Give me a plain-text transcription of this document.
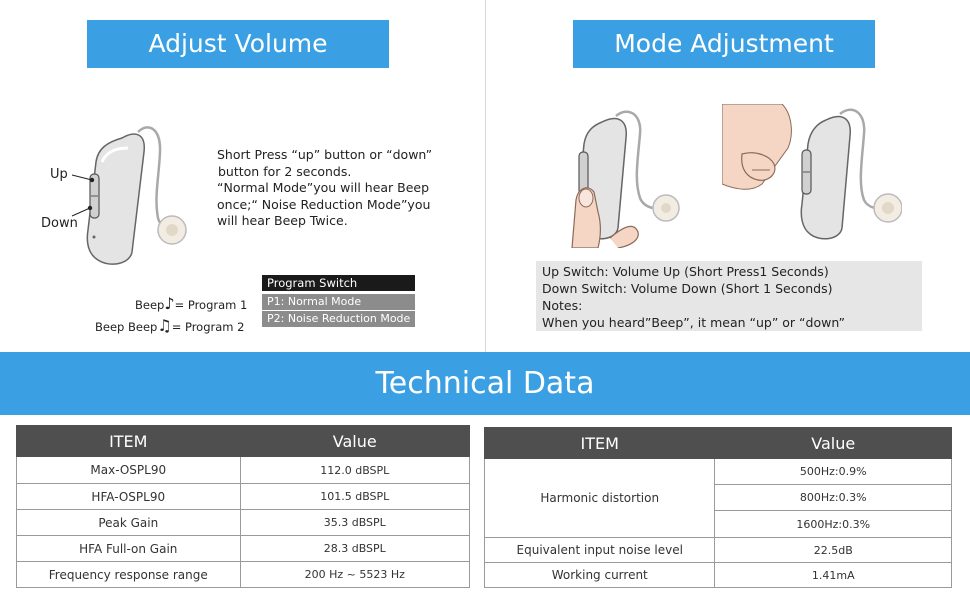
Adjust Volume
Up
Down
Short Press “up” button or “down”
button for 2 seconds.
“Normal Mode”you will hear Beep
once;“ Noise Reduction Mode”you
will hear Beep Twice.
Beep♪= Program 1
Beep Beep♫= Program 2
Program Switch
P1: Normal Mode
P2: Noise Reduction Mode
Mode Adjustment
Up Switch: Volume Up (Short Press1 Seconds)
Down Switch: Volume Down (Short 1 Seconds)
Notes:
When you heard”Beep”, it mean “up” or “down”
Technical Data
ITEM	Value
Max-OSPL90	112.0 dBSPL
HFA-OSPL90	101.5 dBSPL
Peak Gain	35.3 dBSPL
HFA Full-on Gain	28.3 dBSPL
Frequency response range	200 Hz ~ 5523 Hz
ITEM	Value
Harmonic distortion	500Hz:0.9%
	800Hz:0.3%
	1600Hz:0.3%
Equivalent input noise level	22.5dB
Working current	1.41mA
